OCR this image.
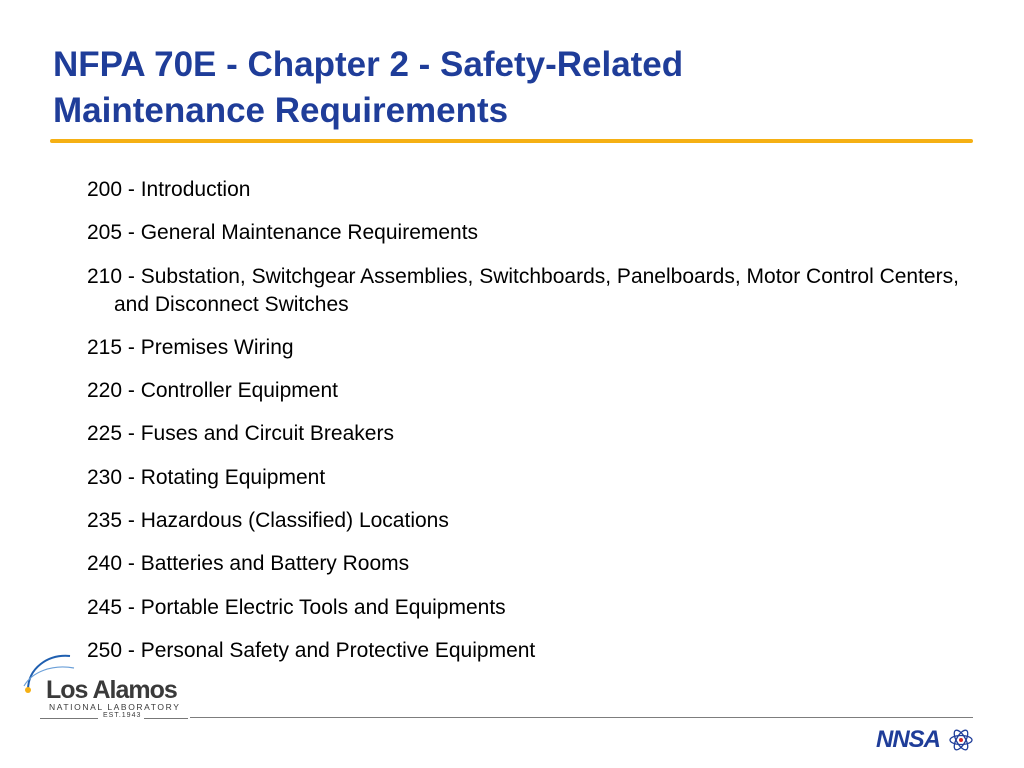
NFPA 70E - Chapter 2 - Safety-Related
Maintenance Requirements
200 - Introduction
205 - General Maintenance Requirements
210 - Substation, Switchgear Assemblies, Switchboards, Panelboards, Motor Control Centers, and Disconnect Switches
215 - Premises Wiring
220 - Controller Equipment
225 - Fuses and Circuit Breakers
230 - Rotating Equipment
235 - Hazardous (Classified) Locations
240 - Batteries and Battery Rooms
245 - Portable Electric Tools and Equipments
250 - Personal Safety and Protective Equipment
Los Alamos
NATIONAL LABORATORY
EST.1943
NNSA
